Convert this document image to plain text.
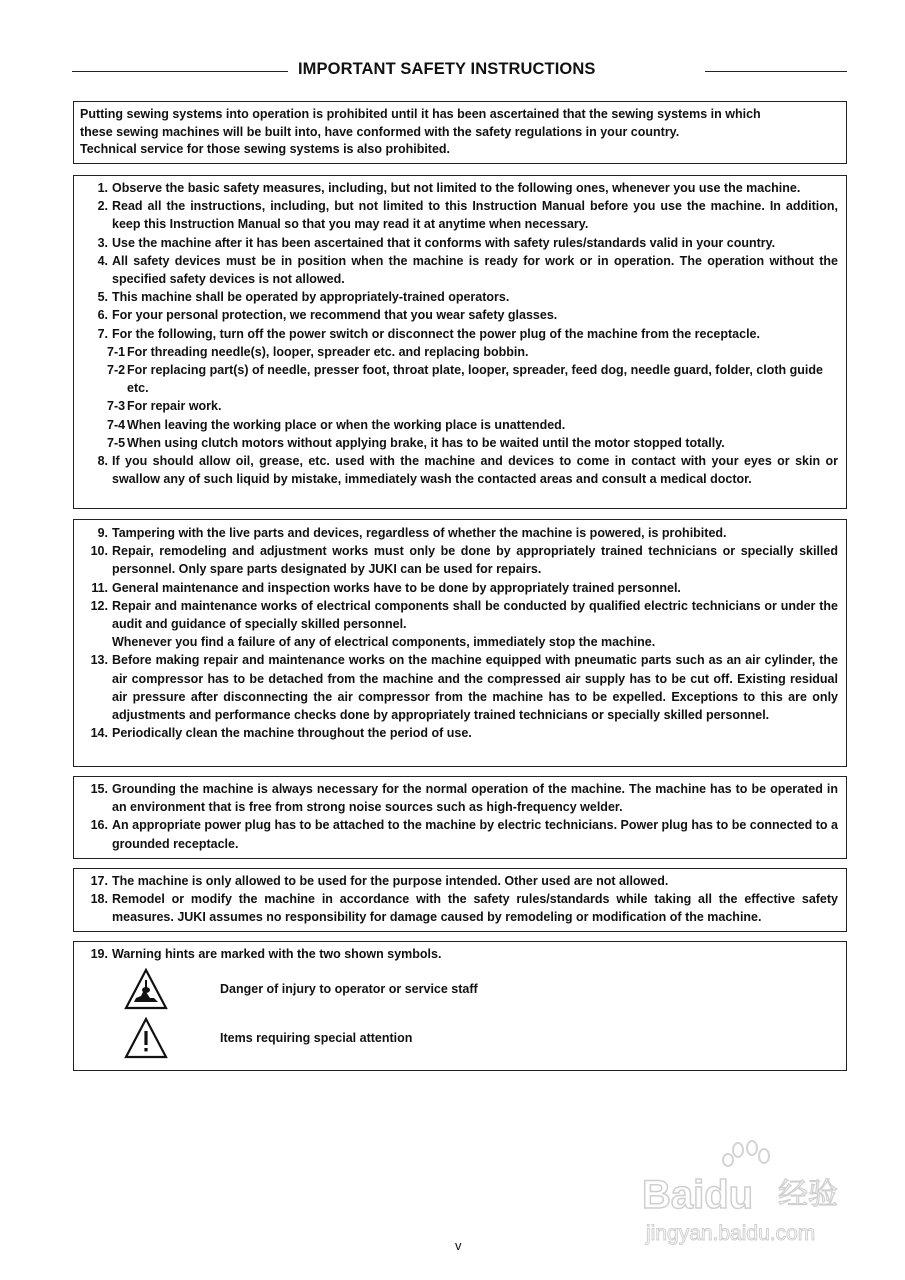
IMPORTANT SAFETY INSTRUCTIONS
Putting sewing systems into operation is prohibited until it has been ascertained that the sewing systems in which
these sewing machines will be built into, have conformed with the safety regulations in your country.
Technical service for those sewing systems is also prohibited.
1. Observe the basic safety measures, including, but not limited to the following ones, whenever you use the machine.
2. Read all the instructions, including, but not limited to this Instruction Manual before you use the machine. In addition, keep this Instruction Manual so that you may read it at anytime when necessary.
3. Use the machine after it has been ascertained that it conforms with safety rules/standards valid in your country.
4. All safety devices must be in position when the machine is ready for work or in operation. The operation without the specified safety devices is not allowed.
5. This machine shall be operated by appropriately-trained operators.
6. For your personal protection, we recommend that you wear safety glasses.
7. For the following, turn off the power switch or disconnect the power plug of the machine from the receptacle.
7-1 For threading needle(s), looper, spreader etc. and replacing bobbin.
7-2 For replacing part(s) of needle, presser foot, throat plate, looper, spreader, feed dog, needle guard, folder, cloth guide etc.
7-3 For repair work.
7-4 When leaving the working place or when the working place is unattended.
7-5 When using clutch motors without applying brake, it has to be waited until the motor stopped totally.
8. If you should allow oil, grease, etc. used with the machine and devices to come in contact with your eyes or skin or swallow any of such liquid by mistake, immediately wash the contacted areas and consult a medical doctor.
9. Tampering with the live parts and devices, regardless of whether the machine is powered, is prohibited.
10. Repair, remodeling and adjustment works must only be done by appropriately trained technicians or specially skilled personnel. Only spare parts designated by JUKI can be used for repairs.
11. General maintenance and inspection works have to be done by appropriately trained personnel.
12. Repair and maintenance works of electrical components shall be conducted by qualified electric technicians or under the audit and guidance of specially skilled personnel.
Whenever you find a failure of any of electrical components, immediately stop the machine.
13. Before making repair and maintenance works on the machine equipped with pneumatic parts such as an air cylinder, the air compressor has to be detached from the machine and the compressed air supply has to be cut off. Existing residual air pressure after disconnecting the air compressor from the machine has to be expelled. Exceptions to this are only adjustments and performance checks done by appropriately trained technicians or specially skilled personnel.
14. Periodically clean the machine throughout the period of use.
15. Grounding the machine is always necessary for the normal operation of the machine. The machine has to be operated in an environment that is free from strong noise sources such as high-frequency welder.
16. An appropriate power plug has to be attached to the machine by electric technicians. Power plug has to be connected to a grounded receptacle.
17. The machine is only allowed to be used for the purpose intended. Other used are not allowed.
18. Remodel or modify the machine in accordance with the safety rules/standards while taking all the effective safety measures. JUKI assumes no responsibility for damage caused by remodeling or modification of the machine.
19. Warning hints are marked with the two shown symbols.
Danger of injury to operator or service staff
Items requiring special attention
Baidu 经验
jingyan.baidu.com
v
